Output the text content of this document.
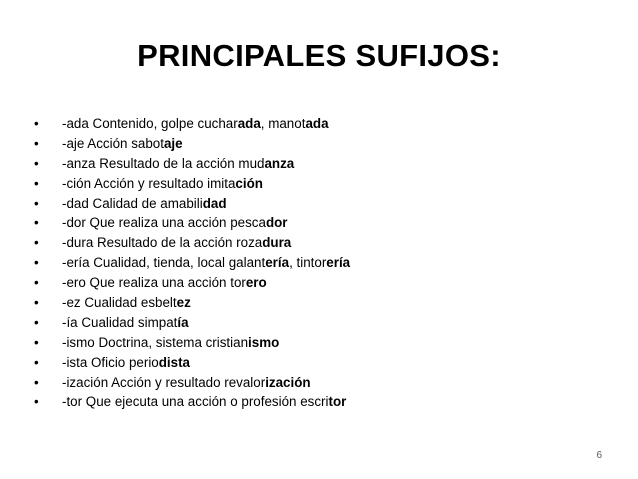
PRINCIPALES SUFIJOS:
•	-ada Contenido, golpe cucharada, manotada
•	-aje Acción sabotaje
•	-anza Resultado de la acción mudanza
•	-ción Acción y resultado imitación
•	-dad Calidad de amabilidad
•	-dor Que realiza una acción pescador
•	-dura Resultado de la acción rozadura
•	-ería Cualidad, tienda, local galantería, tintorería
•	-ero Que realiza una acción torero
•	-ez Cualidad esbeltez
•	-ía Cualidad simpatía
•	-ismo Doctrina, sistema cristianismo
•	-ista Oficio periodista
•	-ización Acción y resultado revalorización
•	-tor Que ejecuta una acción o profesión escritor
6
